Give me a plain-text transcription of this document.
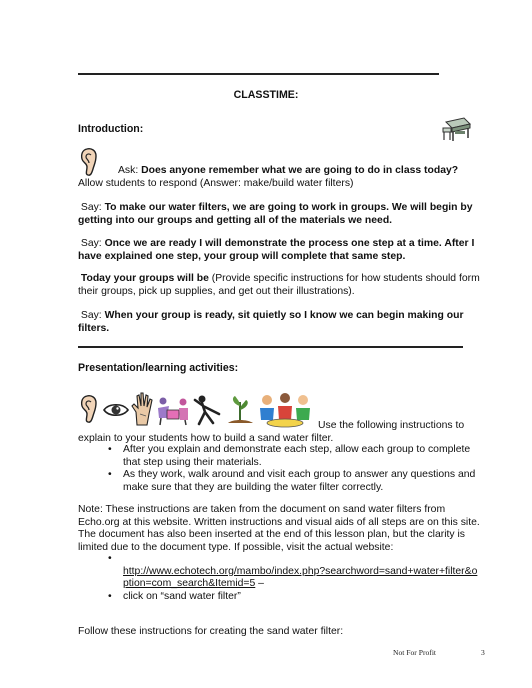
CLASSTIME:
Introduction:
Ask: Does anyone remember what we are going to do in class today? Allow students to respond (Answer: make/build water filters)
Say: To make our water filters, we are going to work in groups. We will begin by getting into our groups and getting all of the materials we need.
Say: Once we are ready I will demonstrate the process one step at a time. After I have explained one step, your group will complete that same step.
Today your groups will be (Provide specific instructions for how students should form their groups, pick up supplies, and get out their illustrations).
Say: When your group is ready, sit quietly so I know we can begin making our filters.
Presentation/learning activities:
Use the following instructions to explain to your students how to build a sand water filter.
• After you explain and demonstrate each step, allow each group to complete that step using their materials.
• As they work, walk around and visit each group to answer any questions and make sure that they are building the water filter correctly.
Note: These instructions are taken from the document on sand water filters from Echo.org at this website. Written instructions and visual aids of all steps are on this site. The document has also been inserted at the end of this lesson plan, but the clarity is limited due to the document type. If possible, visit the actual website:
•
http://www.echotech.org/mambo/index.php?searchword=sand+water+filter&o
ption=com_search&Itemid=5 –
• click on “sand water filter”
Follow these instructions for creating the sand water filter:
Not For Profit	3
